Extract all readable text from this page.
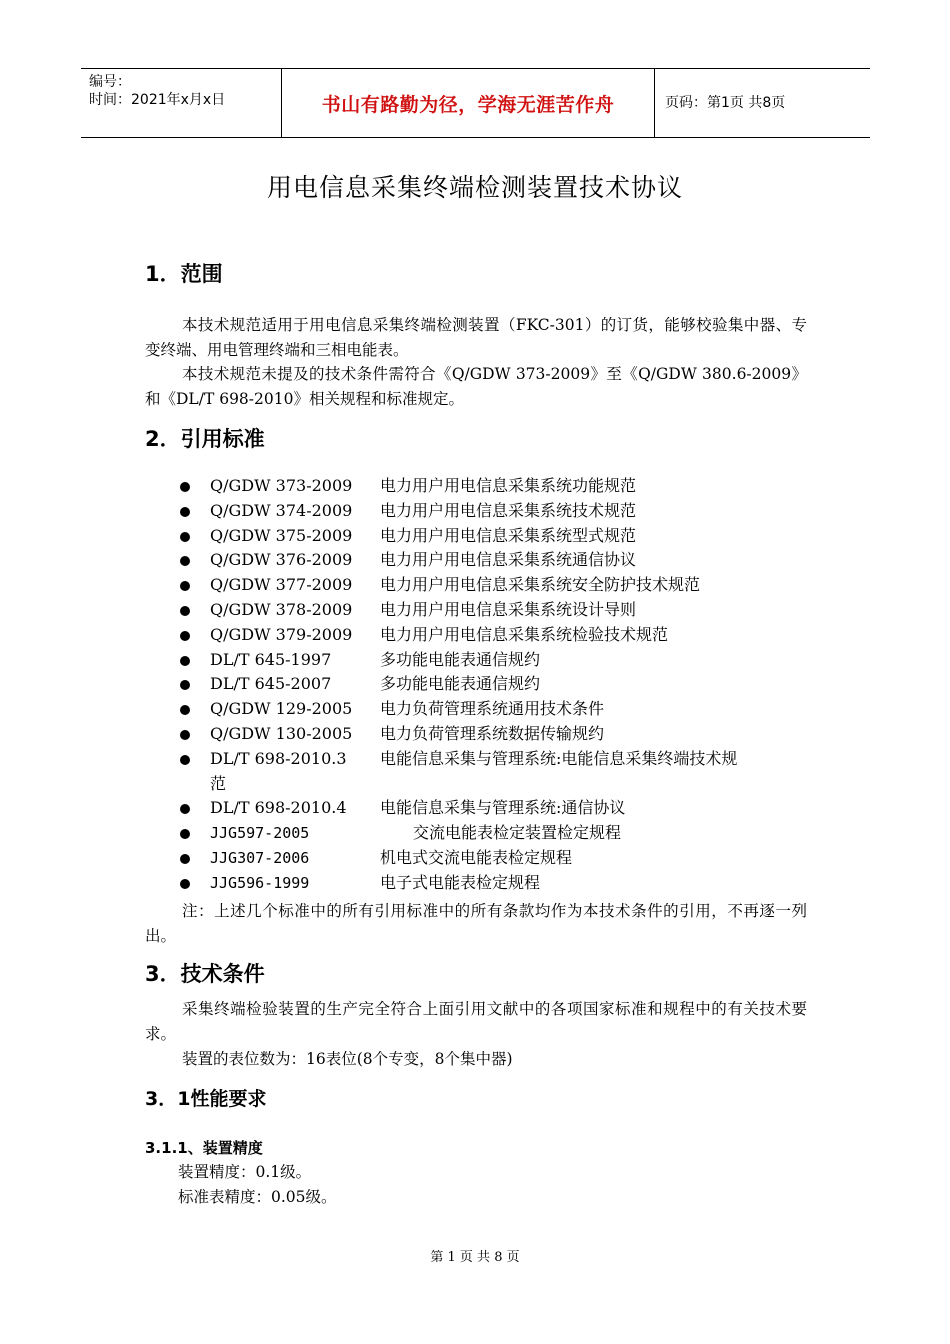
编号：
时间：2021年x月x日	书山有路勤为径，学海无涯苦作舟	页码：第1页 共8页
用电信息采集终端检测装置技术协议
1．范围
本技术规范适用于用电信息采集终端检测装置（FKC-301）的订货，能够校验集中器、专变终端、用电管理终端和三相电能表。
本技术规范未提及的技术条件需符合《Q/GDW 373-2009》至《Q/GDW 380.6-2009》和《DL/T 698-2010》相关规程和标准规定。
2．引用标准
Q/GDW 373-2009 电力用户用电信息采集系统功能规范
Q/GDW 374-2009 电力用户用电信息采集系统技术规范
Q/GDW 375-2009 电力用户用电信息采集系统型式规范
Q/GDW 376-2009 电力用户用电信息采集系统通信协议
Q/GDW 377-2009 电力用户用电信息采集系统安全防护技术规范
Q/GDW 378-2009 电力用户用电信息采集系统设计导则
Q/GDW 379-2009 电力用户用电信息采集系统检验技术规范
DL/T 645-1997	多功能电能表通信规约
DL/T 645-2007	多功能电能表通信规约
Q/GDW 129-2005 电力负荷管理系统通用技术条件
Q/GDW 130-2005 电力负荷管理系统数据传输规约
DL/T 698-2010.3 电能信息采集与管理系统:电能信息采集终端技术规
范
DL/T 698-2010.4 电能信息采集与管理系统:通信协议
JJG597-2005	交流电能表检定装置检定规程
JJG307-2006	机电式交流电能表检定规程
JJG596-1999	电子式电能表检定规程
注：上述几个标准中的所有引用标准中的所有条款均作为本技术条件的引用，不再逐一列出。
3．技术条件
采集终端检验装置的生产完全符合上面引用文献中的各项国家标准和规程中的有关技术要求。
装置的表位数为：16表位(8个专变，8个集中器)
3．1性能要求
3.1.1、装置精度
装置精度：0.1级。
标准表精度：0.05级。
第 1 页 共 8 页
